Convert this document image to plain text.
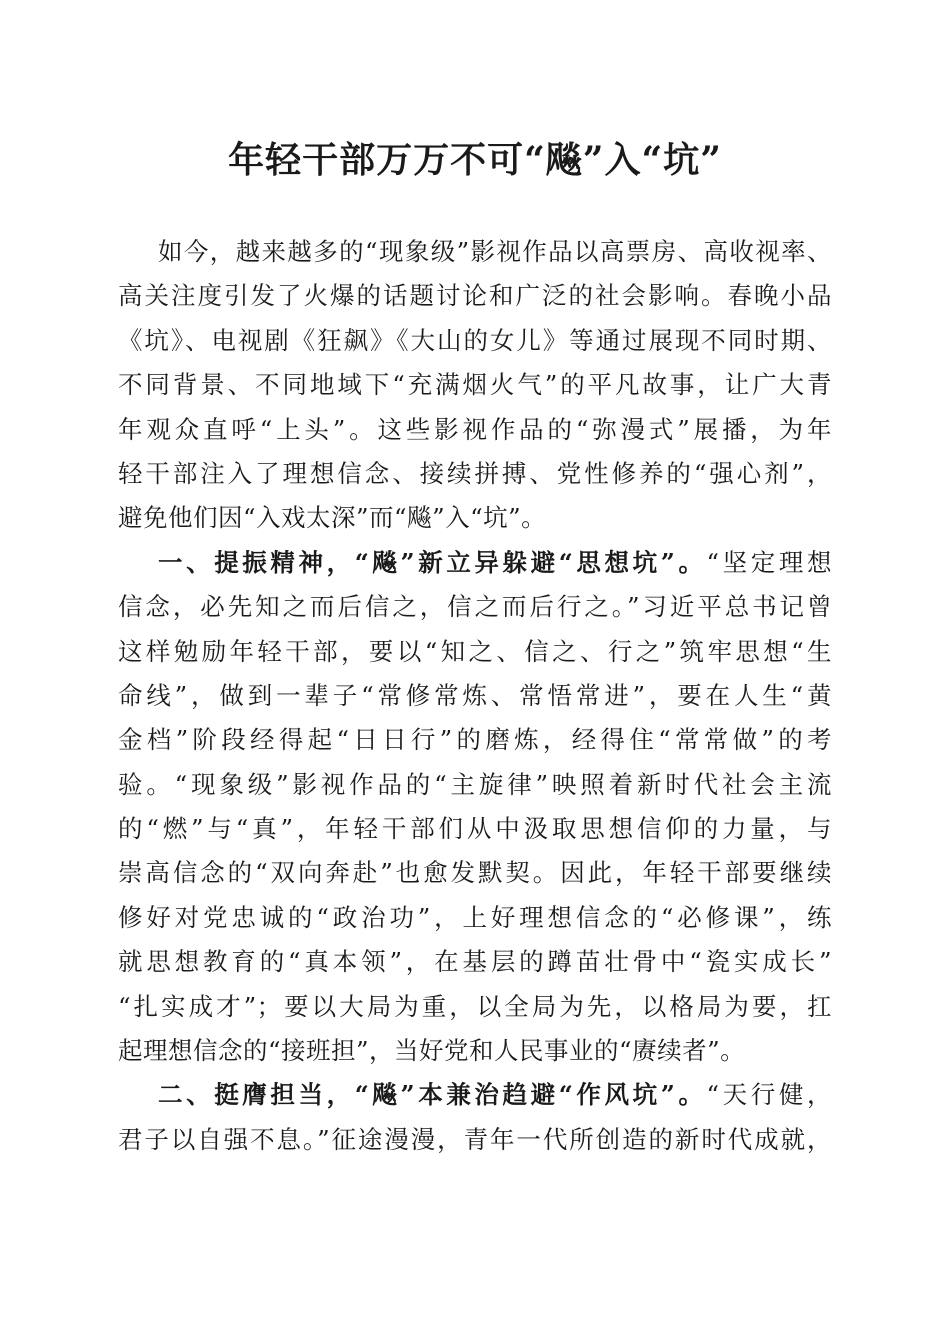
年轻干部万万不可“飚”入“坑”
如今，越来越多的“现象级”影视作品以高票房、高收视率、
高关注度引发了火爆的话题讨论和广泛的社会影响。春晚小品
《坑》、电视剧《狂飙》《大山的女儿》等通过展现不同时期、
不同背景、不同地域下“充满烟火气”的平凡故事，让广大青
年观众直呼“上头”。这些影视作品的“弥漫式”展播，为年
轻干部注入了理想信念、接续拼搏、党性修养的“强心剂”，
避免他们因“入戏太深”而“飚”入“坑”。
一、提振精神，“飚”新立异躲避“思想坑”。“坚定理想
信念，必先知之而后信之，信之而后行之。”习近平总书记曾
这样勉励年轻干部，要以“知之、信之、行之”筑牢思想“生
命线”，做到一辈子“常修常炼、常悟常进”，要在人生“黄
金档”阶段经得起“日日行”的磨炼，经得住“常常做”的考
验。“现象级”影视作品的“主旋律”映照着新时代社会主流
的“燃”与“真”，年轻干部们从中汲取思想信仰的力量，与
崇高信念的“双向奔赴”也愈发默契。因此，年轻干部要继续
修好对党忠诚的“政治功”，上好理想信念的“必修课”，练
就思想教育的“真本领”，在基层的蹲苗壮骨中“瓷实成长”
“扎实成才”；要以大局为重，以全局为先，以格局为要，扛
起理想信念的“接班担”，当好党和人民事业的“赓续者”。
二、挺膺担当，“飚”本兼治趋避“作风坑”。“天行健，
君子以自强不息。”征途漫漫，青年一代所创造的新时代成就，
